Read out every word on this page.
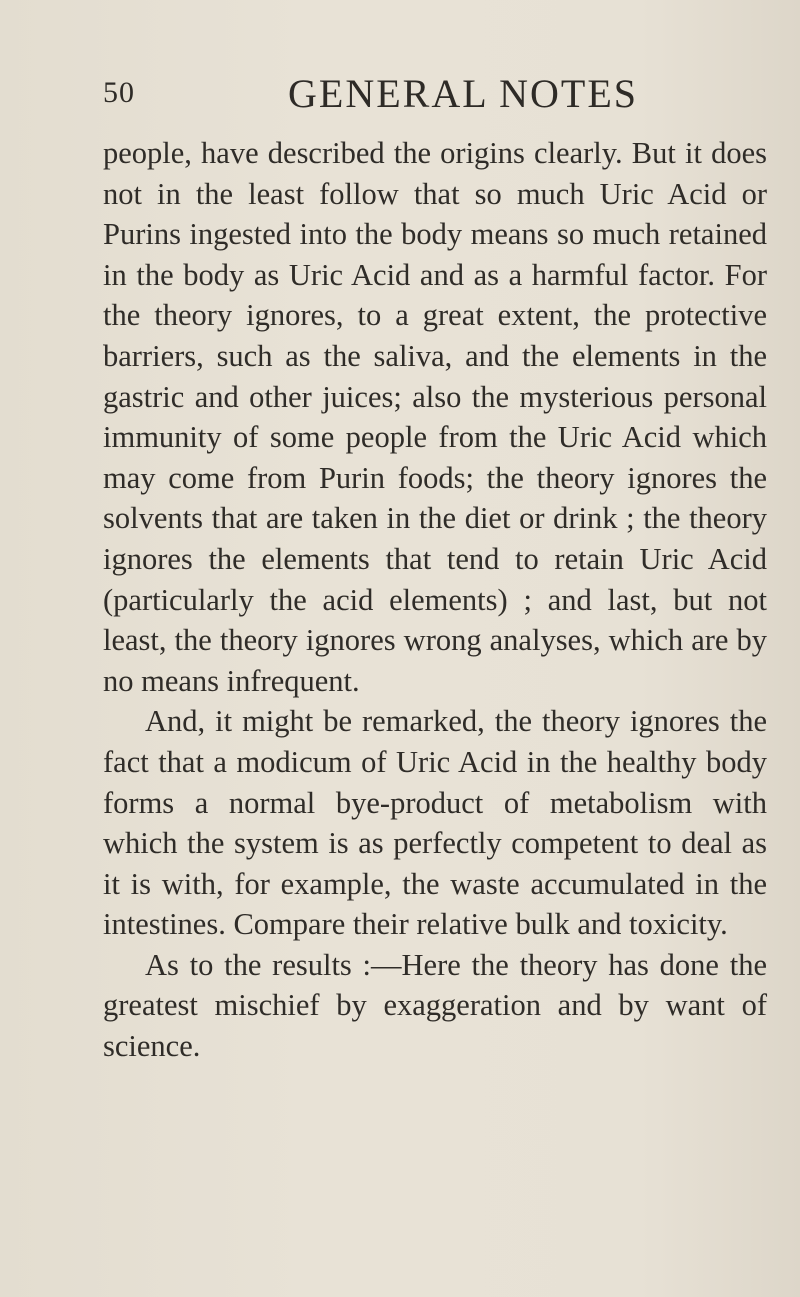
50	GENERAL NOTES

people, have described the origins clearly. But it does not in the least follow that so much Uric Acid or Purins ingested into the body means so much retained in the body as Uric Acid and as a harmful factor. For the theory ignores, to a great extent, the protective barriers, such as the saliva, and the elements in the gastric and other juices; also the mysterious personal immunity of some people from the Uric Acid which may come from Purin foods; the theory ignores the solvents that are taken in the diet or drink ; the theory ignores the elements that tend to retain Uric Acid (particularly the acid elements) ; and last, but not least, the theory ignores wrong analyses, which are by no means infrequent.

And, it might be remarked, the theory ignores the fact that a modicum of Uric Acid in the healthy body forms a normal bye-product of metabolism with which the system is as perfectly competent to deal as it is with, for example, the waste accumulated in the intestines. Compare their relative bulk and toxicity.

As to the results :—Here the theory has done the greatest mischief by exaggeration and by want of science.
